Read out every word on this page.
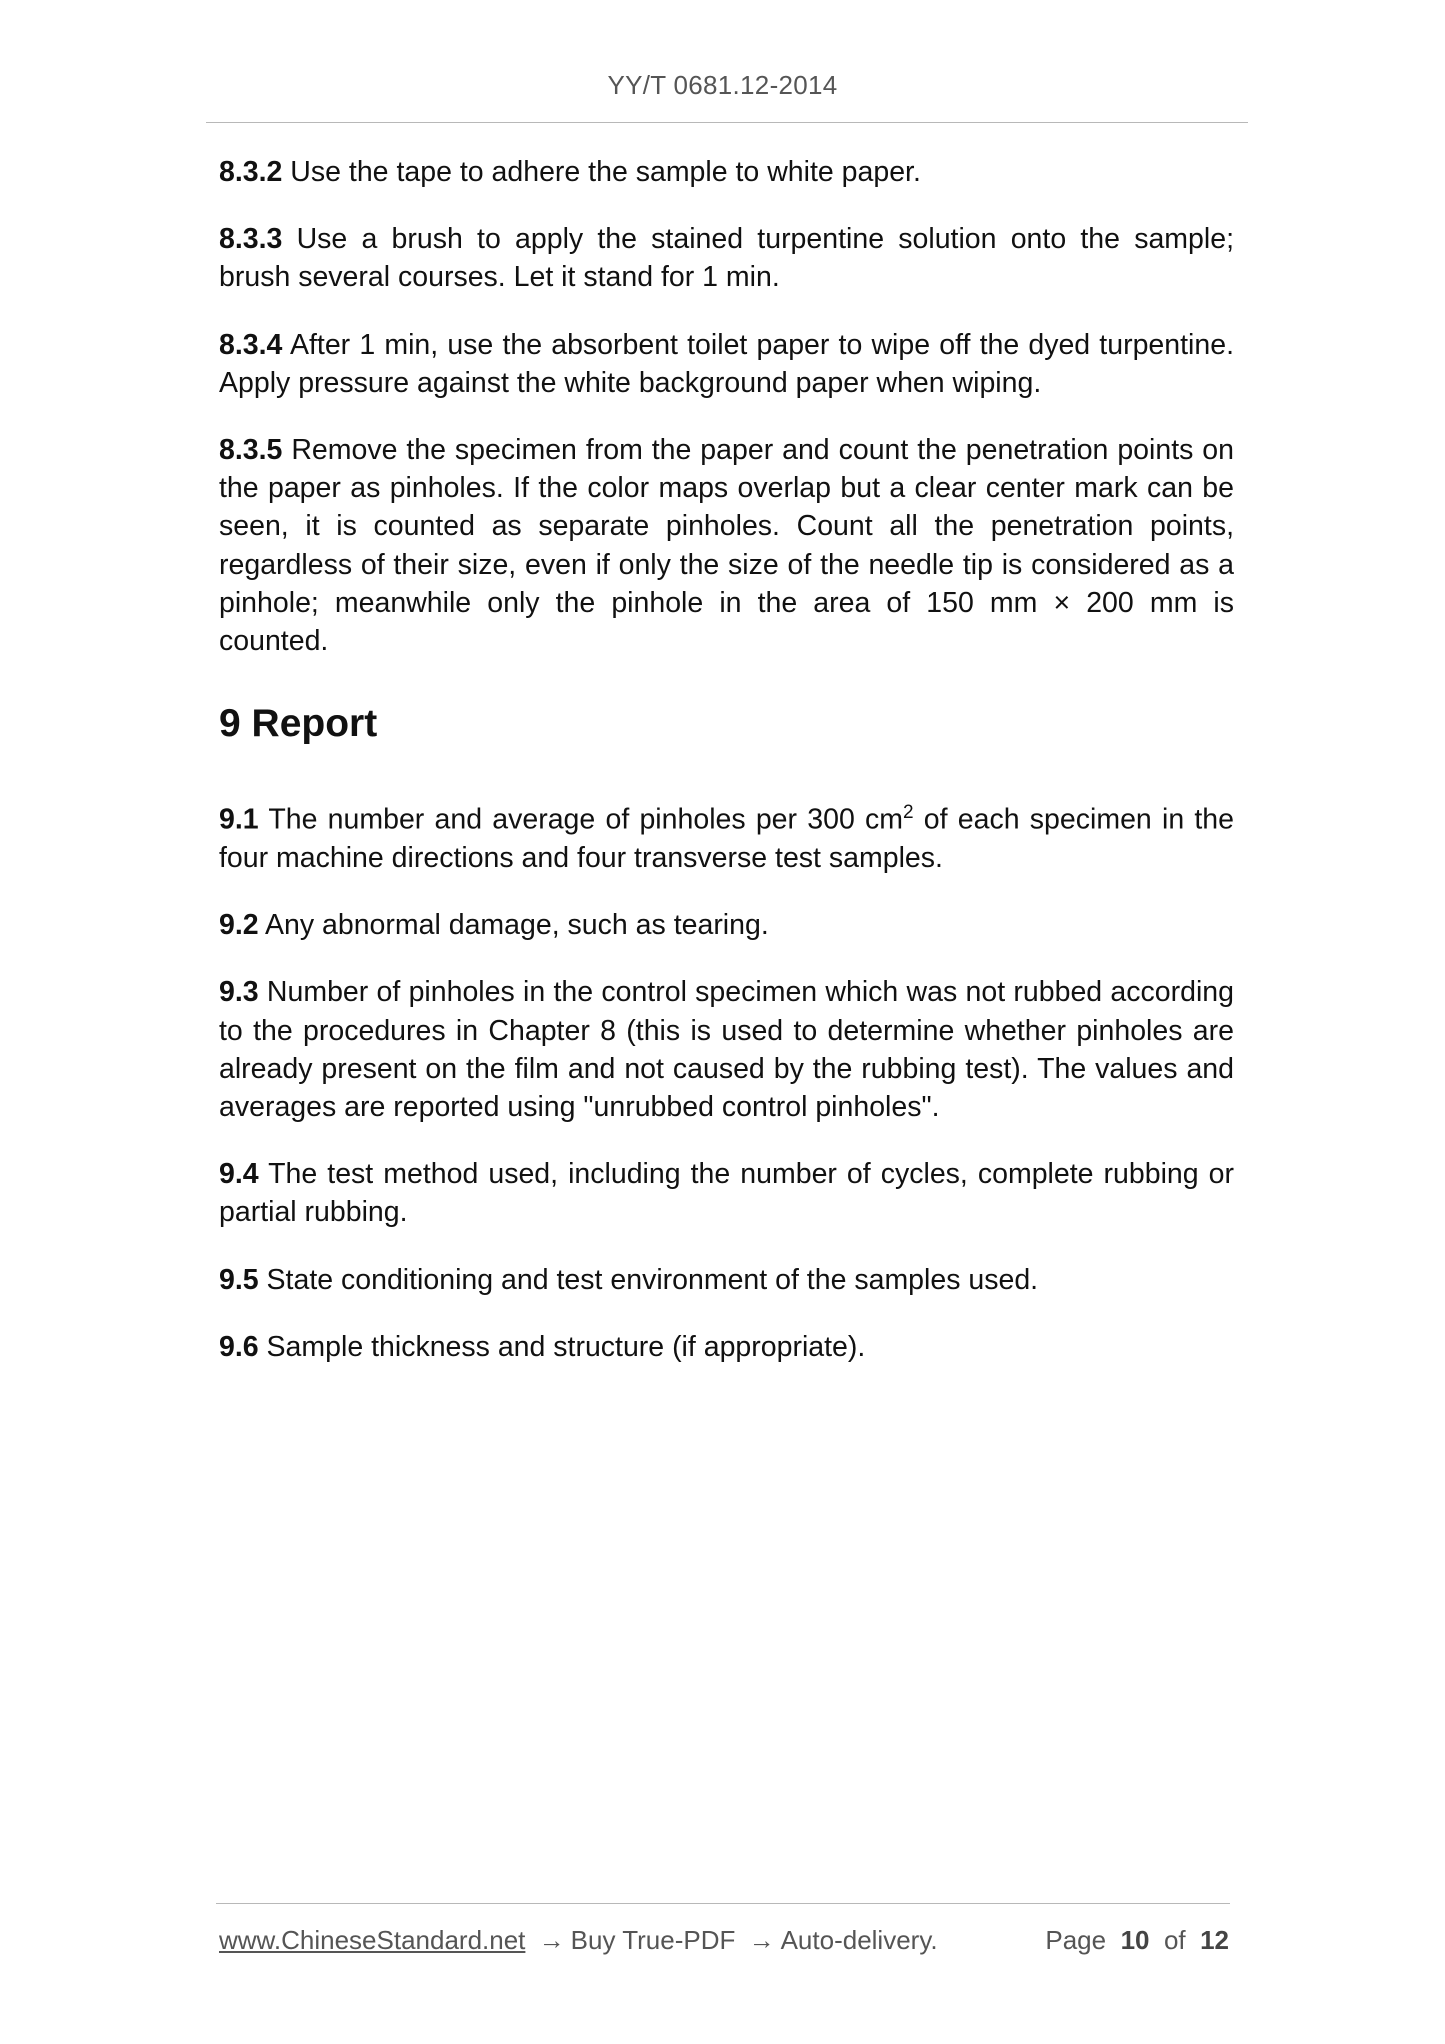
YY/T 0681.12-2014

8.3.2 Use the tape to adhere the sample to white paper.

8.3.3 Use a brush to apply the stained turpentine solution onto the sample; brush several courses. Let it stand for 1 min.

8.3.4 After 1 min, use the absorbent toilet paper to wipe off the dyed turpentine. Apply pressure against the white background paper when wiping.

8.3.5 Remove the specimen from the paper and count the penetration points on the paper as pinholes. If the color maps overlap but a clear center mark can be seen, it is counted as separate pinholes. Count all the penetration points, regardless of their size, even if only the size of the needle tip is considered as a pinhole; meanwhile only the pinhole in the area of 150 mm × 200 mm is counted.

9 Report

9.1 The number and average of pinholes per 300 $cm^2$ of each specimen in the four machine directions and four transverse test samples.

9.2 Any abnormal damage, such as tearing.

9.3 Number of pinholes in the control specimen which was not rubbed according to the procedures in Chapter 8 (this is used to determine whether pinholes are already present on the film and not caused by the rubbing test). The values and averages are reported using "unrubbed control pinholes".

9.4 The test method used, including the number of cycles, complete rubbing or partial rubbing.

9.5 State conditioning and test environment of the samples used.

9.6 Sample thickness and structure (if appropriate).

www.ChineseStandard.net → Buy True-PDF → Auto-delivery.	Page 10 of 12
